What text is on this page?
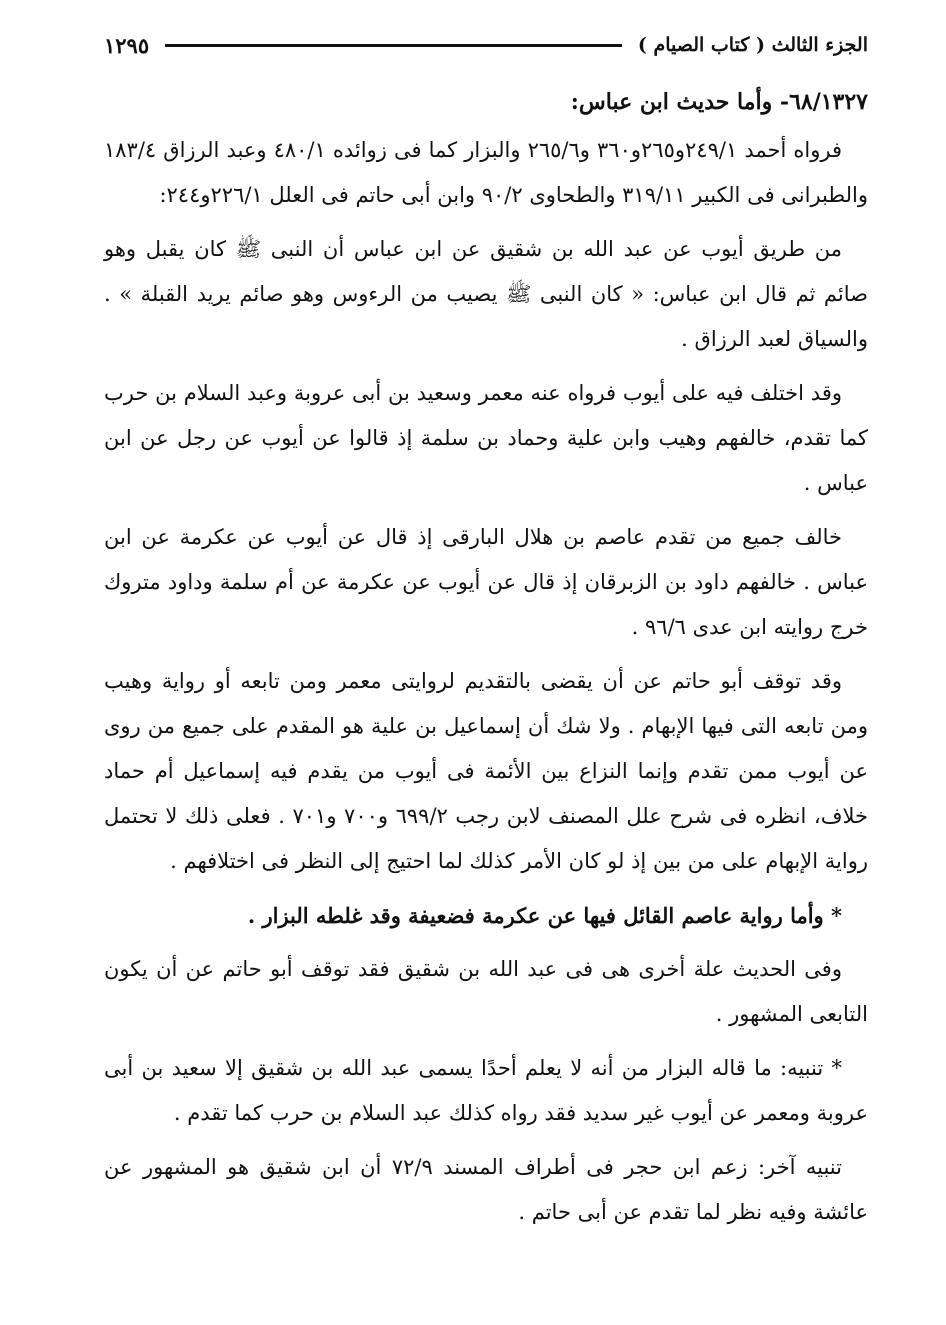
الجزء الثالث ( كتاب الصيام )
١٢٩٥
٦٨/١٣٢٧- وأما حديث ابن عباس:

فرواه أحمد ٢٤٩/١و٢٦٥و٣٦٠ و٢٦٥/٦ والبزار كما فى زوائده ٤٨٠/١ وعبد الرزاق ١٨٣/٤ والطبرانى فى الكبير ٣١٩/١١ والطحاوى ٩٠/٢ وابن أبى حاتم فى العلل ٢٢٦/١و٢٤٤:

من طريق أيوب عن عبد الله بن شقيق عن ابن عباس أن النبى ﷺ كان يقبل وهو صائم ثم قال ابن عباس: « كان النبى ﷺ يصيب من الرءوس وهو صائم يريد القبلة » . والسياق لعبد الرزاق .

وقد اختلف فيه على أيوب فرواه عنه معمر وسعيد بن أبى عروبة وعبد السلام بن حرب كما تقدم، خالفهم وهيب وابن علية وحماد بن سلمة إذ قالوا عن أيوب عن رجل عن ابن عباس .

خالف جميع من تقدم عاصم بن هلال البارقى إذ قال عن أيوب عن عكرمة عن ابن عباس . خالفهم داود بن الزبرقان إذ قال عن أيوب عن عكرمة عن أم سلمة وداود متروك خرج روايته ابن عدى ٩٦/٦ .

وقد توقف أبو حاتم عن أن يقضى بالتقديم لروايتى معمر ومن تابعه أو رواية وهيب ومن تابعه التى فيها الإبهام . ولا شك أن إسماعيل بن علية هو المقدم على جميع من روى عن أيوب ممن تقدم وإنما النزاع بين الأئمة فى أيوب من يقدم فيه إسماعيل أم حماد خلاف، انظره فى شرح علل المصنف لابن رجب ٦٩٩/٢ و٧٠٠ و٧٠١ . فعلى ذلك لا تحتمل رواية الإبهام على من بين إذ لو كان الأمر كذلك لما احتيج إلى النظر فى اختلافهم .

* وأما رواية عاصم القائل فيها عن عكرمة فضعيفة وقد غلطه البزار .

وفى الحديث علة أخرى هى فى عبد الله بن شقيق فقد توقف أبو حاتم عن أن يكون التابعى المشهور .

* تنبيه: ما قاله البزار من أنه لا يعلم أحدًا يسمى عبد الله بن شقيق إلا سعيد بن أبى عروبة ومعمر عن أيوب غير سديد فقد رواه كذلك عبد السلام بن حرب كما تقدم .

تنبيه آخر: زعم ابن حجر فى أطراف المسند ٧٢/٩ أن ابن شقيق هو المشهور عن عائشة وفيه نظر لما تقدم عن أبى حاتم .
